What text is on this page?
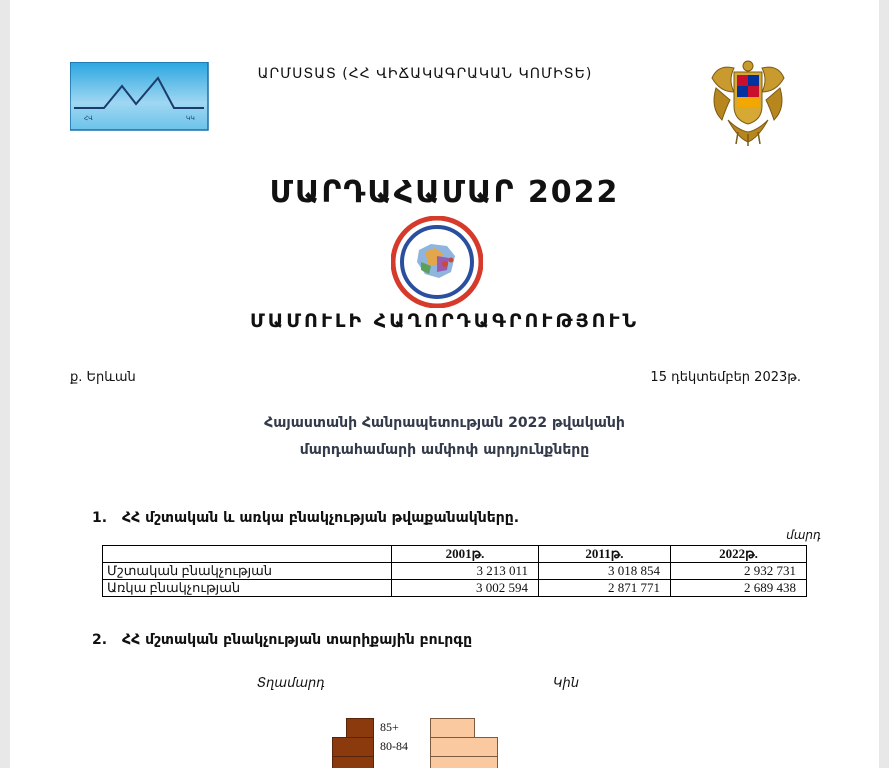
ՀՎ	ԿԿ
ԱՐՄՍՏԱՏ (ՀՀ ՎԻՃԱԿԱԳՐԱԿԱՆ ԿՈՄԻՏԵ)
ՄԱՐԴԱՀԱՄԱՐ 2022
ՄԱՄՈՒԼԻ ՀԱՂՈՐԴԱԳՐՈՒԹՅՈՒՆ
ք. Երևան	15 դեկտեմբեր 2023թ.
Հայաստանի Հանրապետության 2022 թվականի
մարդահամարի ամփոփ արդյունքները
1. ՀՀ մշտական և առկա բնակչության թվաքանակները.
մարդ
	2001թ.	2011թ.	2022թ.
Մշտական բնակչության	3 213 011	3 018 854	2 932 731
Առկա բնակչության	3 002 594	2 871 771	2 689 438
2. ՀՀ մշտական բնակչության տարիքային բուրգը
Տղամարդ	Կին
85+
80-84
